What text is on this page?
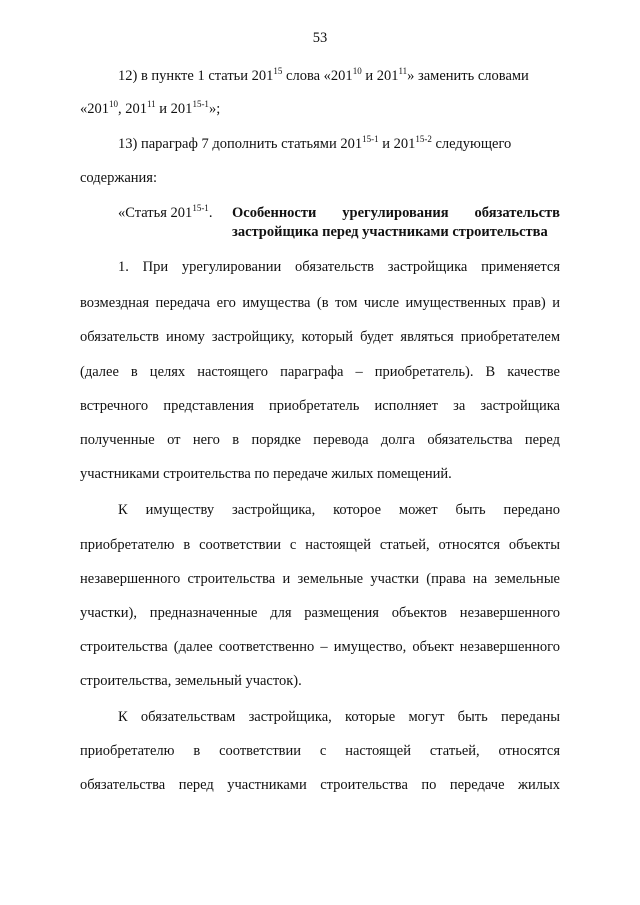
53
12) в пункте 1 статьи $201^{15}$ слова «$201^{10}$ и $201^{11}$» заменить словами
«$201^{10}$, $201^{11}$ и 201$^{15-1}$»;
13) параграф 7 дополнить статьями 201$^{15-1}$ и 201$^{15-2}$ следующего
содержания:
«Статья 201$^{15-1}$. Особенности урегулирования обязательств
застройщика перед участниками строительства
1. При урегулировании обязательств застройщика применяется
возмездная передача его имущества (в том числе имущественных прав) и
обязательств иному застройщику, который будет являться приобретателем
(далее в целях настоящего параграфа – приобретатель). В качестве
встречного представления приобретатель исполняет за застройщика
полученные от него в порядке перевода долга обязательства перед
участниками строительства по передаче жилых помещений.
К имуществу застройщика, которое может быть передано
приобретателю в соответствии с настоящей статьей, относятся объекты
незавершенного строительства и земельные участки (права на земельные
участки), предназначенные для размещения объектов незавершенного
строительства (далее соответственно – имущество, объект незавершенного
строительства, земельный участок).
К обязательствам застройщика, которые могут быть переданы
приобретателю в соответствии с настоящей статьей, относятся
обязательства перед участниками строительства по передаче жилых
